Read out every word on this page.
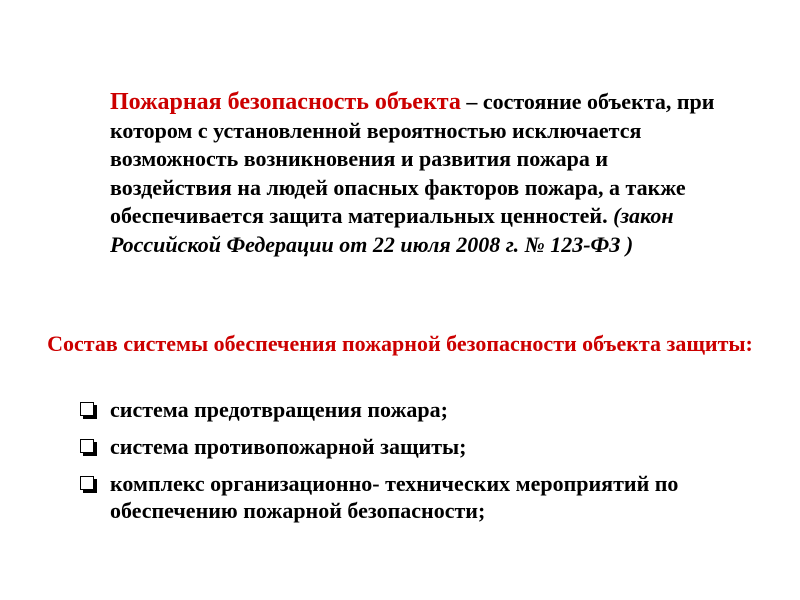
Пожарная безопасность объекта – состояние объекта, при котором с установленной вероятностью исключается возможность возникновения и развития пожара и воздействия на людей опасных факторов пожара, а также обеспечивается защита материальных ценностей. (закон Российской Федерации от 22 июля 2008 г. № 123-ФЗ )
Состав системы обеспечения пожарной безопасности объекта защиты:
система предотвращения пожара;
система противопожарной защиты;
комплекс организационно- технических мероприятий по обеспечению пожарной безопасности;
